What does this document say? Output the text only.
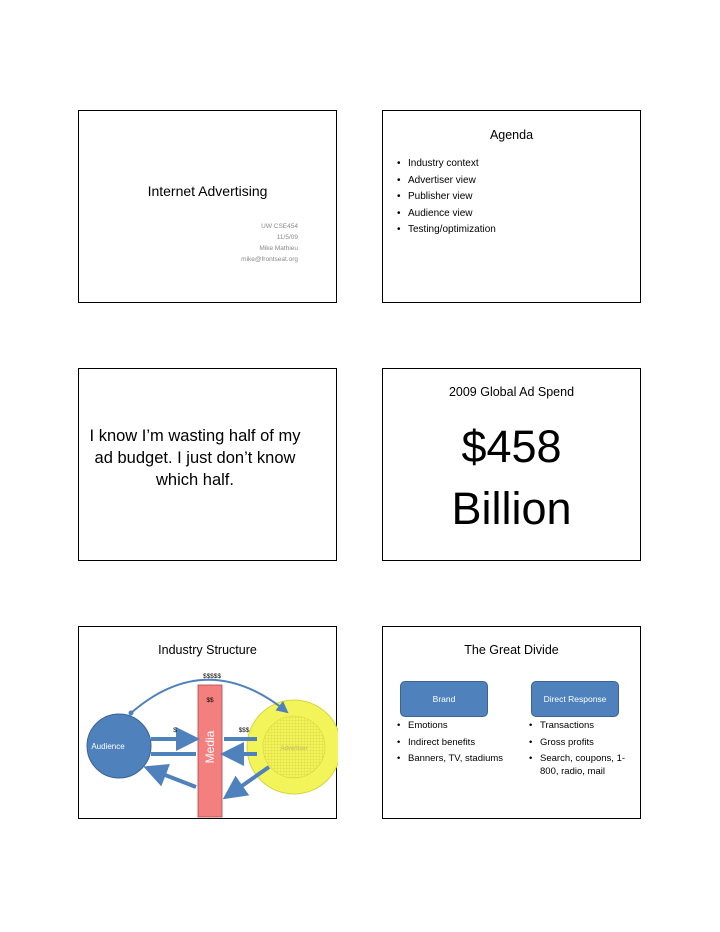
Internet Advertising
UW CSE454
11/5/09
Mike Mathieu
mike@frontseat.org
Agenda
• Industry context
• Advertiser view
• Publisher view
• Audience view
• Testing/optimization
I know I’m wasting half of my ad budget. I just don’t know which half.
2009 Global Ad Spend
$458
Billion
Industry Structure
$$$$$
$$
$	$$$
Audience	Media	Advertiser
The Great Divide
Brand	Direct Response
• Emotions
• Indirect benefits
• Banners, TV, stadiums
• Transactions
• Gross profits
• Search, coupons, 1-800, radio, mail
